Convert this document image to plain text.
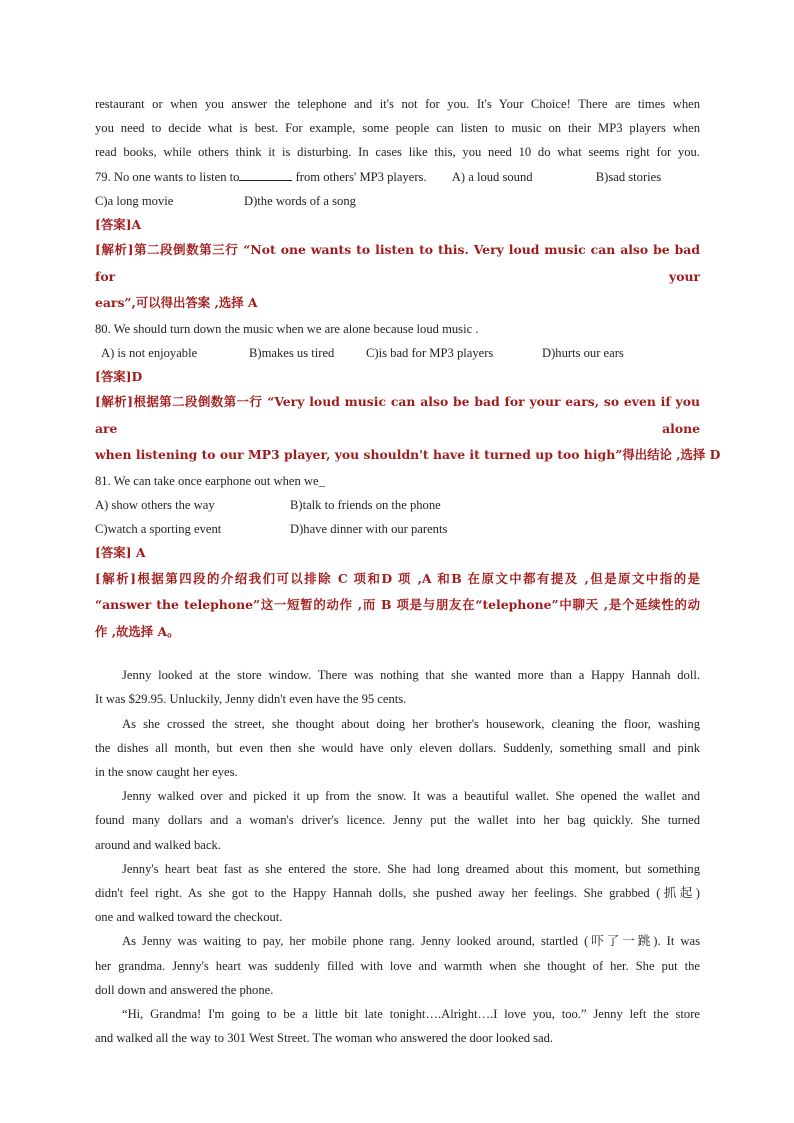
restaurant or when you answer the telephone and it's not for you. It's Your Choice! There are times when
you need to decide what is best. For example, some people can listen to music on their MP3 players when
read books, while others think it is disturbing. In cases like this, you need 10 do what seems right for you.
79. No one wants to listen to	from others' MP3 players. A) a loud sound	B)sad stories
C)a long movie	D)the words of a song
[答案]A
[解析]第二段倒数第三行 “Not one wants to listen to this. Very loud music can also be bad for your
ears”,可以得出答案 ,选择 A
80. We should turn down the music when we are alone because loud music .
A) is not enjoyable	B)makes us tired	C)is bad for MP3 players	D)hurts our ears
[答案]D
[解析]根据第二段倒数第一行 “Very loud music can also be bad for your ears, so even if you are alone
when listening to our MP3 player, you shouldn't have it turned up too high”得出结论 ,选择 D
81. We can take once earphone out when we_
A) show others the way	B)talk to friends on the phone
C)watch a sporting event	D)have dinner with our parents
[答案] A
[解析]根据第四段的介绍我们可以排除 C 项和D 项 ,A 和B 在原文中都有提及 ,但是原文中指的是
“answer the telephone”这一短暂的动作 ,而 B 项是与朋友在“telephone”中聊天 ,是个延续性的动
作 ,故选择 A。
Jenny looked at the store window. There was nothing that she wanted more than a Happy Hannah doll.
It was $29.95. Unluckily, Jenny didn't even have the 95 cents.
As she crossed the street, she thought about doing her brother's housework, cleaning the floor, washing
the dishes all month, but even then she would have only eleven dollars. Suddenly, something small and pink
in the snow caught her eyes.
Jenny walked over and picked it up from the snow. It was a beautiful wallet. She opened the wallet and
found many dollars and a woman's driver's licence. Jenny put the wallet into her bag quickly. She turned
around and walked back.
Jenny's heart beat fast as she entered the store. She had long dreamed about this moment, but something
didn't feel right. As she got to the Happy Hannah dolls, she pushed away her feelings. She grabbed (抓起)
one and walked toward the checkout.
As Jenny was waiting to pay, her mobile phone rang. Jenny looked around, startled (吓了一跳). It was
her grandma. Jenny's heart was suddenly filled with love and warmth when she thought of her. She put the
doll down and answered the phone.
“Hi, Grandma! I'm going to be a little bit late tonight….Alright….I love you, too.” Jenny left the store
and walked all the way to 301 West Street. The woman who answered the door looked sad.
